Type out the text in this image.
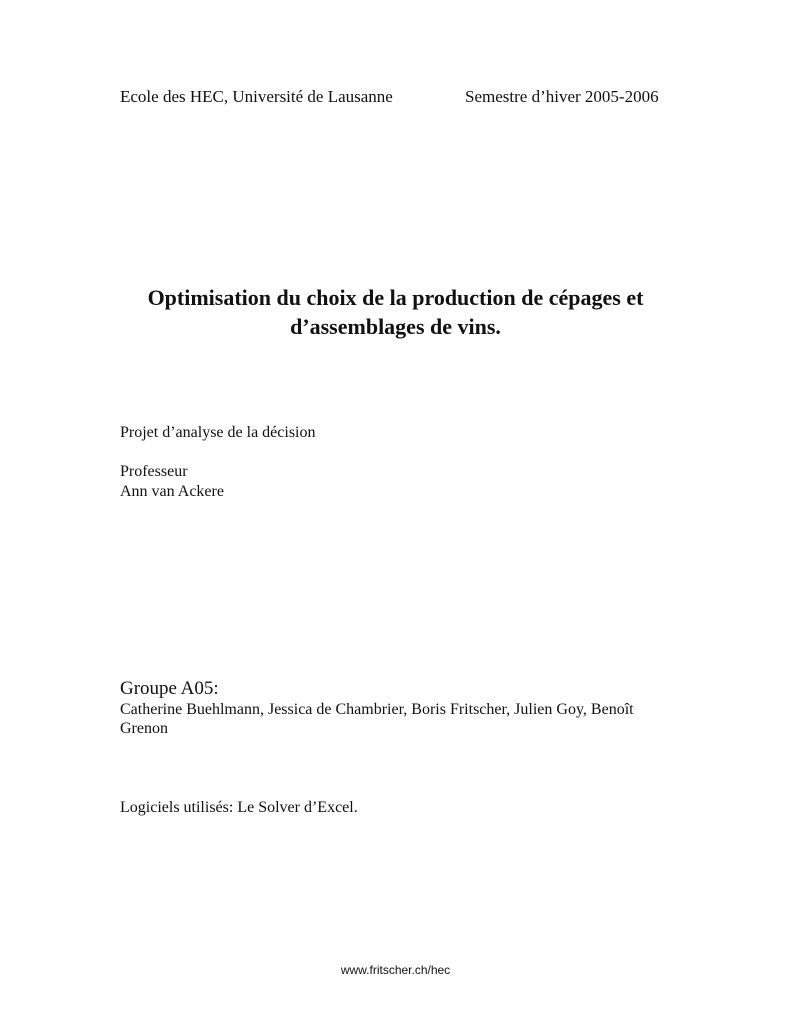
Ecole des HEC, Université de Lausanne	Semestre d’hiver 2005-2006
Optimisation du choix de la production de cépages et
d’assemblages de vins.
Projet d’analyse de la décision
Professeur
Ann van Ackere
Groupe A05:
Catherine Buehlmann, Jessica de Chambrier, Boris Fritscher, Julien Goy, Benoît Grenon
Logiciels utilisés: Le Solver d’Excel.
www.fritscher.ch/hec
